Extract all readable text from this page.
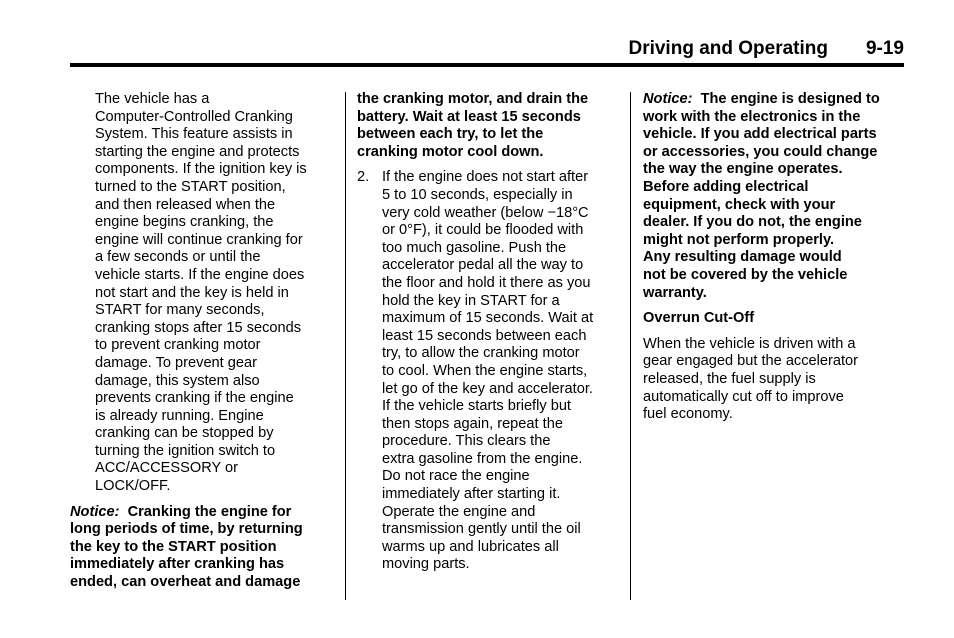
Driving and Operating 9-19

The vehicle has a

Computer-Controlled Cranking

System. This feature assists in

starting the engine and protects

components. If the ignition key is

turned to the START position,

and then released when the

engine begins cranking, the

engine will continue cranking for

a few seconds or until the

vehicle starts. If the engine does

not start and the key is held in

START for many seconds,

cranking stops after 15 seconds

to prevent cranking motor

damage. To prevent gear

damage, this system also

prevents cranking if the engine

is already running. Engine

cranking can be stopped by

turning the ignition switch to

ACC/ACCESSORY or

LOCK/OFF.

Notice: Cranking the engine for

long periods of time, by returning

the key to the START position

immediately after cranking has

ended, can overheat and damage

the cranking motor, and drain the

battery. Wait at least 15 seconds

between each try, to let the

cranking motor cool down.

2. If the engine does not start after

5 to 10 seconds, especially in

very cold weather (below −18°C

or 0°F), it could be flooded with

too much gasoline. Push the

accelerator pedal all the way to

the floor and hold it there as you

hold the key in START for a

maximum of 15 seconds. Wait at

least 15 seconds between each

try, to allow the cranking motor

to cool. When the engine starts,

let go of the key and accelerator.

If the vehicle starts briefly but

then stops again, repeat the

procedure. This clears the

extra gasoline from the engine.

Do not race the engine

immediately after starting it.

Operate the engine and

transmission gently until the oil

warms up and lubricates all

moving parts.

Notice: The engine is designed to

work with the electronics in the

vehicle. If you add electrical parts

or accessories, you could change

the way the engine operates.

Before adding electrical

equipment, check with your

dealer. If you do not, the engine

might not perform properly.

Any resulting damage would

not be covered by the vehicle

warranty.

Overrun Cut-Off

When the vehicle is driven with a

gear engaged but the accelerator

released, the fuel supply is

automatically cut off to improve

fuel economy.
